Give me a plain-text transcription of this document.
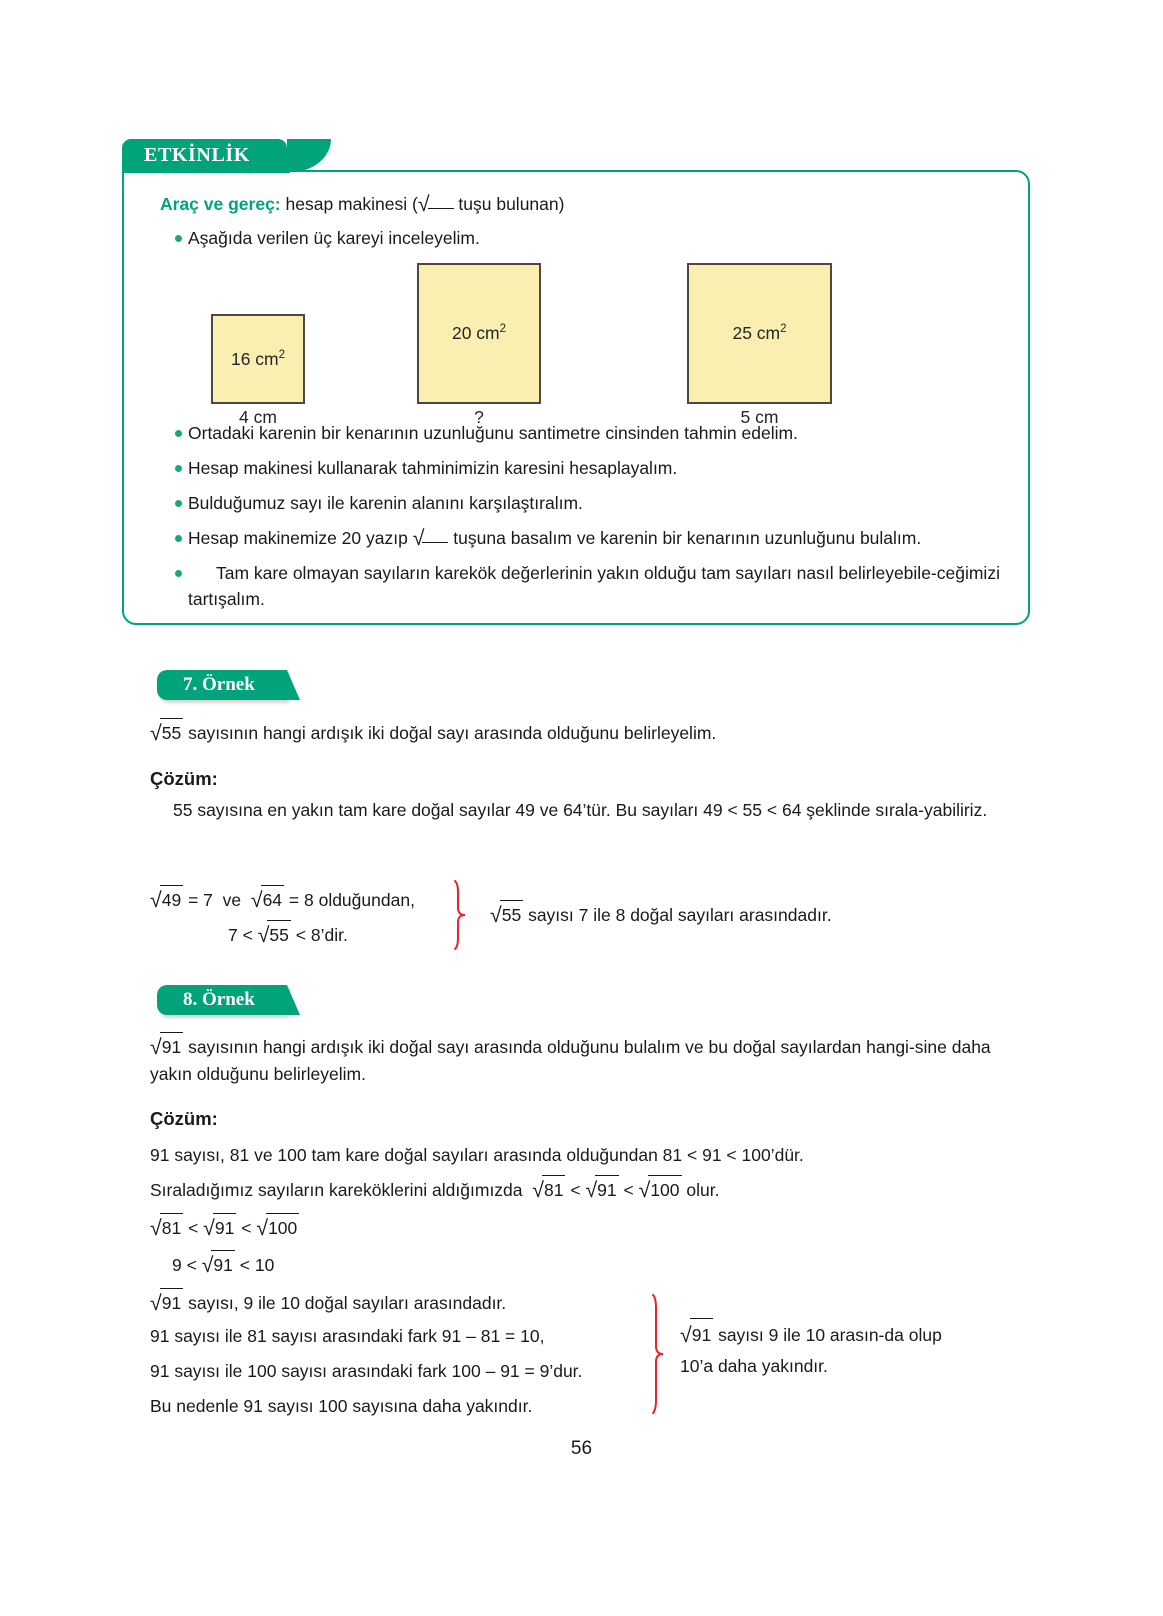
ETKİNLİK
Araç ve gereç: hesap makinesi (√ tuşu bulunan)
Aşağıda verilen üç kareyi inceleyelim.
16 $cm^2$
4 cm
20 $cm^2$
?
25 $cm^2$
5 cm
Ortadaki karenin bir kenarının uzunluğunu santimetre cinsinden tahmin edelim.
Hesap makinesi kullanarak tahminimizin karesini hesaplayalım.
Bulduğumuz sayı ile karenin alanını karşılaştıralım.
Hesap makinemize 20 yazıp √ tuşuna basalım ve karenin bir kenarının uzunluğunu bulalım.
Tam kare olmayan sayıların karekök değerlerinin yakın olduğu tam sayıları nasıl belirleyebile-ceğimizi tartışalım.
7. Örnek
√55 sayısının hangi ardışık iki doğal sayı arasında olduğunu belirleyelim.
Çözüm:
55 sayısına en yakın tam kare doğal sayılar 49 ve 64’tür. Bu sayıları 49 < 55 < 64 şeklinde sırala-yabiliriz.
√49 = 7 ve √64 = 8 olduğundan,
7 < √55 < 8’dir.
√55 sayısı 7 ile 8 doğal sayıları arasındadır.
8. Örnek
√91 sayısının hangi ardışık iki doğal sayı arasında olduğunu bulalım ve bu doğal sayılardan hangi-sine daha yakın olduğunu belirleyelim.
Çözüm:
91 sayısı, 81 ve 100 tam kare doğal sayıları arasında olduğundan 81 < 91 < 100’dür.
Sıraladığımız sayıların kareköklerini aldığımızda √81 < √91 < √100 olur.
√81 < √91 < √100
9 < √91 < 10
√91 sayısı, 9 ile 10 doğal sayıları arasındadır.
91 sayısı ile 81 sayısı arasındaki fark 91 – 81 = 10,
91 sayısı ile 100 sayısı arasındaki fark 100 – 91 = 9’dur.
Bu nedenle 91 sayısı 100 sayısına daha yakındır.
√91 sayısı 9 ile 10 arasın-da olup 10’a daha yakındır.
56
